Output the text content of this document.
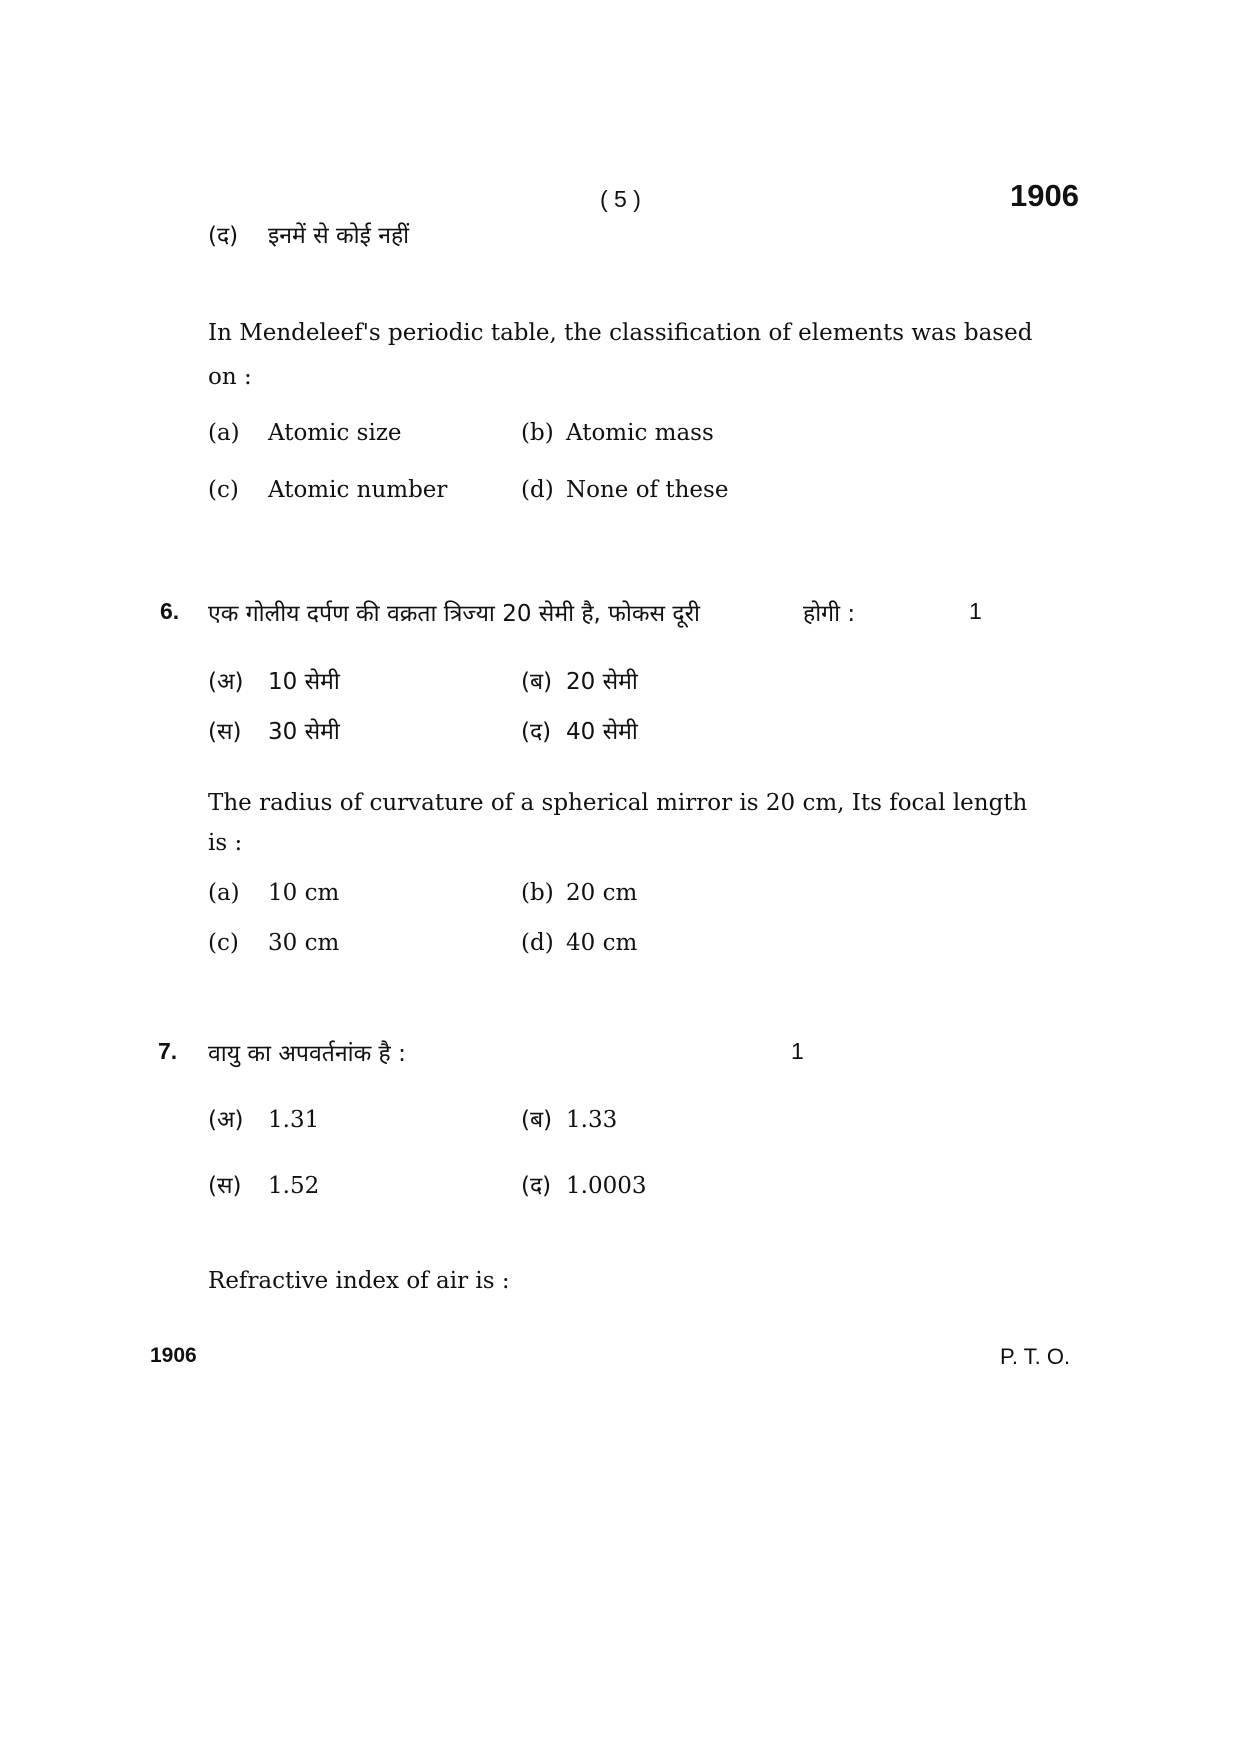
( 5 )	1906
(द)	इनमें से कोई नहीं
In Mendeleef's periodic table, the classification of elements was based
on :
(a)	Atomic size	(b) Atomic mass
(c)	Atomic number	(d) None of these
6. एक गोलीय दर्पण की वक्रता त्रिज्या 20 सेमी है, फोकस दूरी	होगी :	1
(अ)	10 सेमी	(ब) 20 सेमी
(स)	30 सेमी	(द) 40 सेमी
The radius of curvature of a spherical mirror is 20 cm, Its focal length
is :
(a)	10 cm	(b) 20 cm
(c)	30 cm	(d) 40 cm
7. वायु का अपवर्तनांक है :	1
(अ)	1.31	(ब) 1.33
(स)	1.52	(द) 1.0003
Refractive index of air is :
1906	P. T. O.
